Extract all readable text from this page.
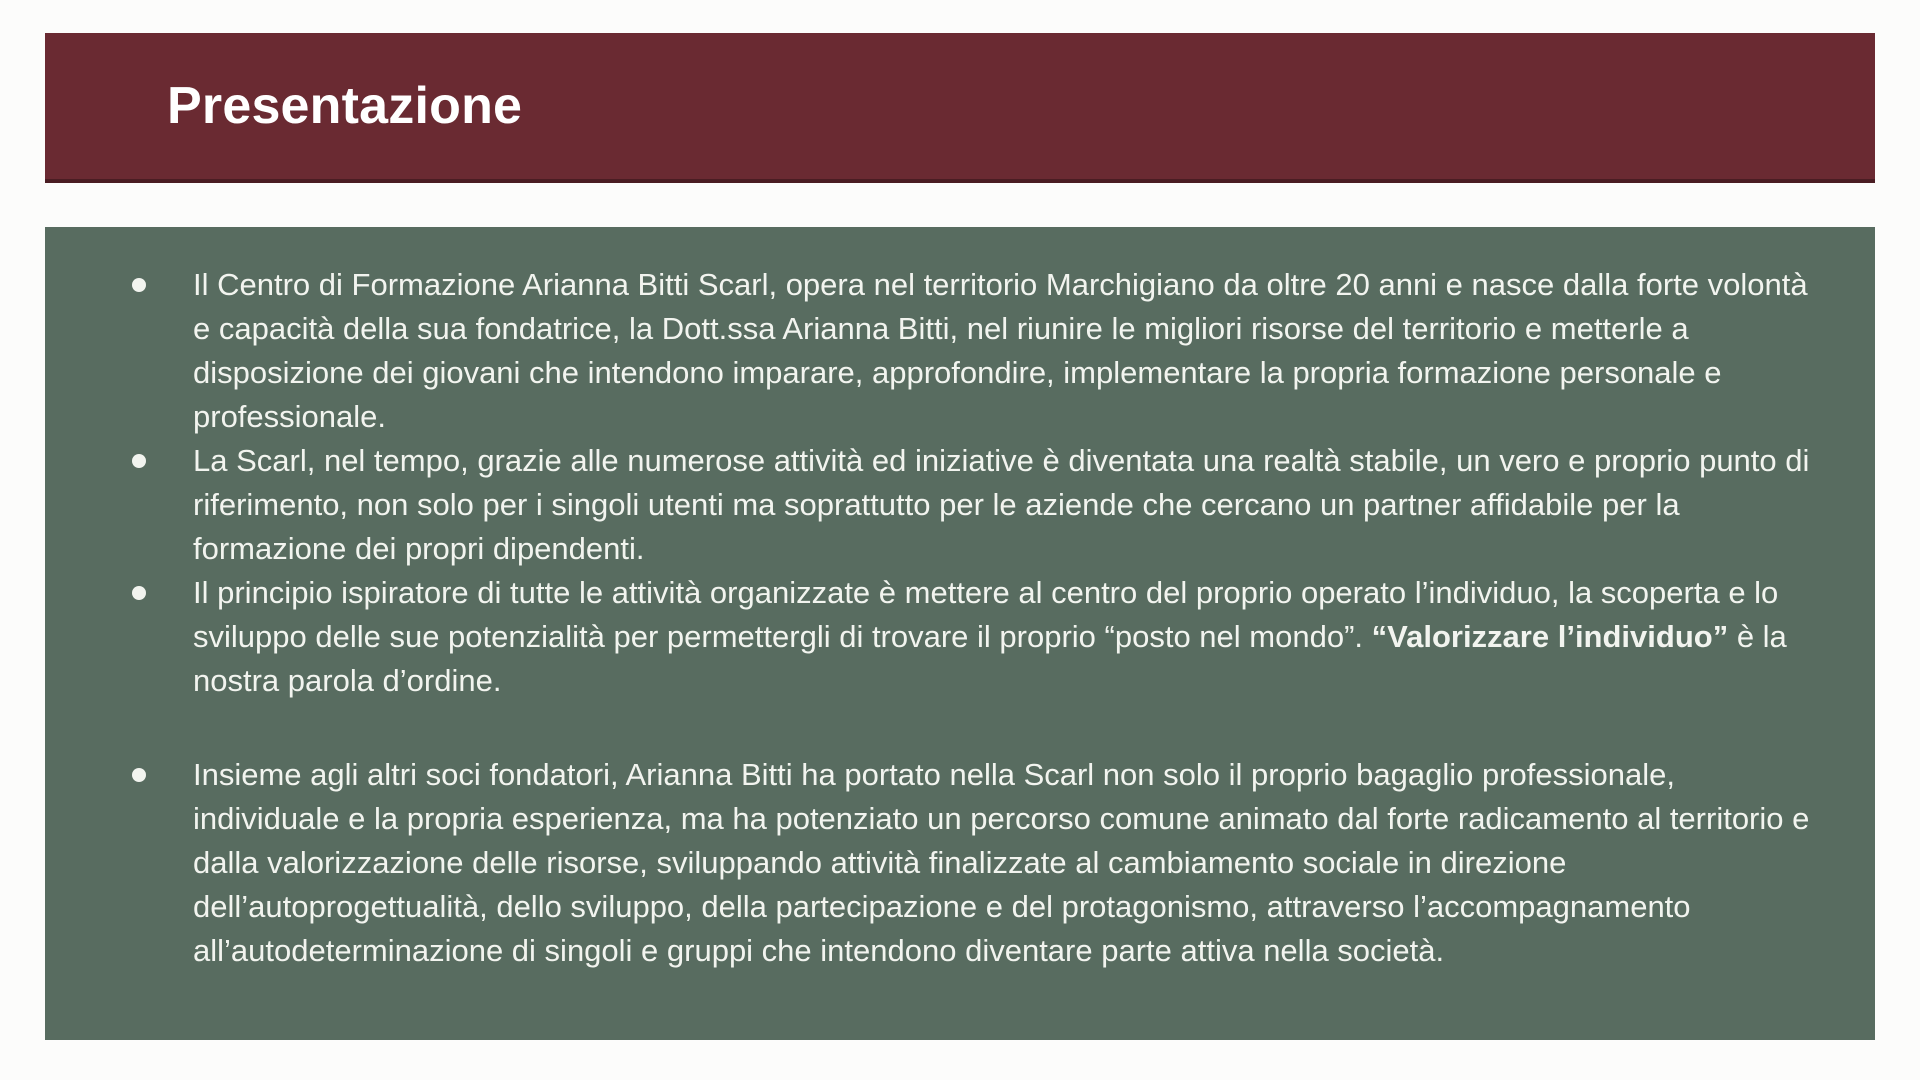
Presentazione
Il Centro di Formazione Arianna Bitti Scarl, opera nel territorio Marchigiano da oltre 20 anni e nasce dalla forte volontà e capacità della sua fondatrice, la Dott.ssa Arianna Bitti, nel riunire le migliori risorse del territorio e metterle a disposizione dei giovani che intendono imparare, approfondire, implementare la propria formazione personale e professionale.
La Scarl, nel tempo, grazie alle numerose attività ed iniziative è diventata una realtà stabile, un vero e proprio punto di riferimento, non solo per i singoli utenti ma soprattutto per le aziende che cercano un partner affidabile per la formazione dei propri dipendenti.
Il principio ispiratore di tutte le attività organizzate è mettere al centro del proprio operato l’individuo, la scoperta e lo sviluppo delle sue potenzialità per permettergli di trovare il proprio “posto nel mondo”. “Valorizzare l’individuo” è la nostra parola d’ordine.
Insieme agli altri soci fondatori, Arianna Bitti ha portato nella Scarl non solo il proprio bagaglio professionale, individuale e la propria esperienza, ma ha potenziato un percorso comune animato dal forte radicamento al territorio e dalla valorizzazione delle risorse, sviluppando attività finalizzate al cambiamento sociale in direzione dell’autoprogettualità, dello sviluppo, della partecipazione e del protagonismo, attraverso l’accompagnamento all’autodeterminazione di singoli e gruppi che intendono diventare parte attiva nella società.
